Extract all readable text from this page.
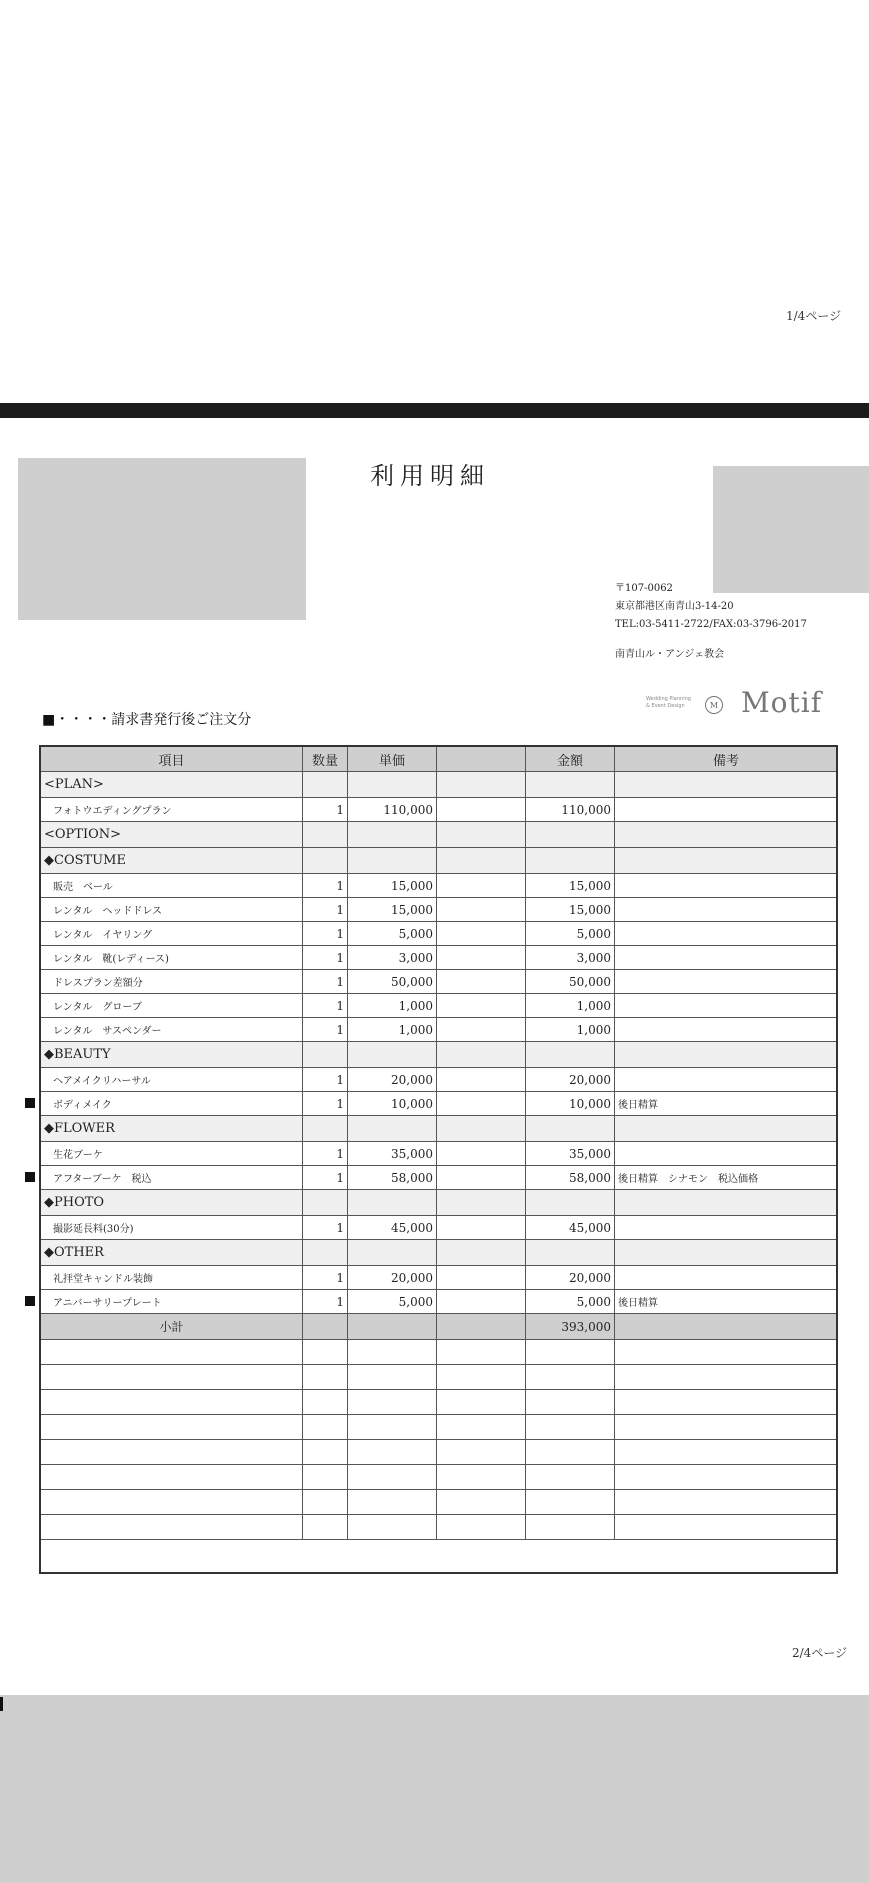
1/4ページ
利用明細
〒107-0062
東京都港区南青山3-14-20
TEL:03-5411-2722/FAX:03-3796-2017
南青山ル・アンジェ教会
Wedding Planning
& Event Design	M Motif
■・・・・請求書発行後ご注文分
項目	数量	単価		金額	備考
<PLAN>					
フォトウエディングプラン	1	110,000		110,000	
<OPTION>					
◆COSTUME					
販売　ベール	1	15,000		15,000	
レンタル　ヘッドドレス	1	15,000		15,000	
レンタル　イヤリング	1	5,000		5,000	
レンタル　靴(レディース)	1	3,000		3,000	
ドレスプラン差額分	1	50,000		50,000	
レンタル　グローブ	1	1,000		1,000	
レンタル　サスペンダー	1	1,000		1,000	
◆BEAUTY					
ヘアメイクリハーサル	1	20,000		20,000	
ボディメイク	1	10,000		10,000	後日精算
◆FLOWER					
生花ブーケ	1	35,000		35,000	
アフターブーケ　税込	1	58,000		58,000	後日精算　シナモン　税込価格
◆PHOTO					
撮影延長料(30分)	1	45,000		45,000	
◆OTHER					
礼拝堂キャンドル装飾	1	20,000		20,000	
アニバーサリープレート	1	5,000		5,000	後日精算
小計				393,000	

2/4ページ
